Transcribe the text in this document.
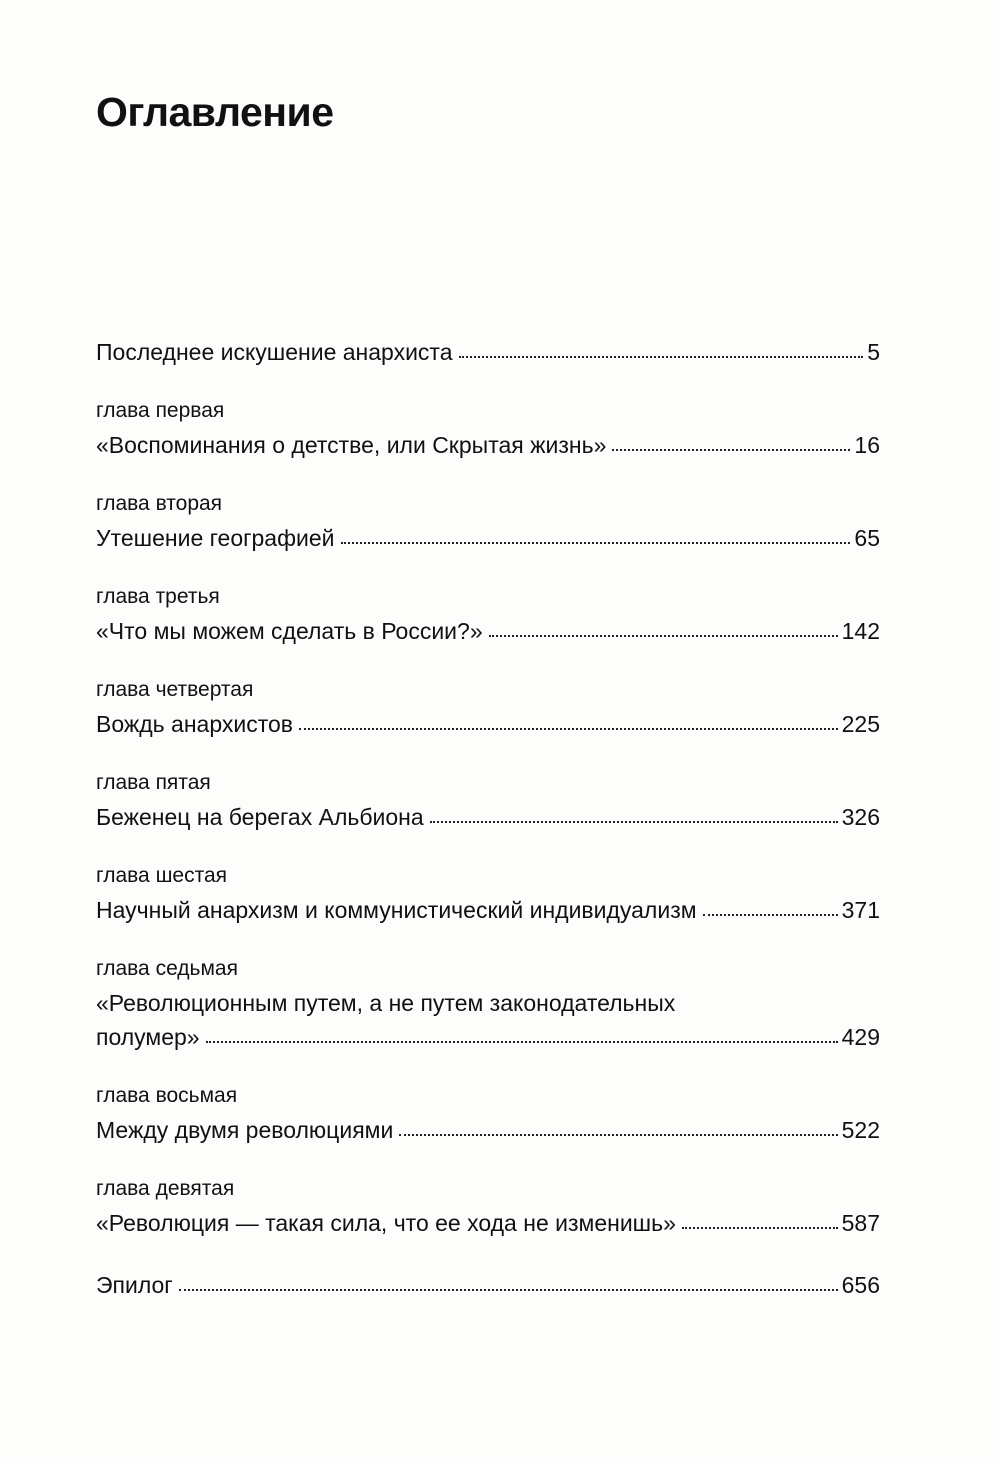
Оглавление
Последнее искушение анархиста	5
глава первая
«Воспоминания о детстве, или Скрытая жизнь»	16
глава вторая
Утешение географией	65
глава третья
«Что мы можем сделать в России?»	142
глава четвертая
Вождь анархистов	225
глава пятая
Беженец на берегах Альбиона	326
глава шестая
Научный анархизм и коммунистический индивидуализм	371
глава седьмая
«Революционным путем, а не путем законодательных
полумер»	429
глава восьмая
Между двумя революциями	522
глава девятая
«Революция — такая сила, что ее хода не изменишь»	587
Эпилог	656
